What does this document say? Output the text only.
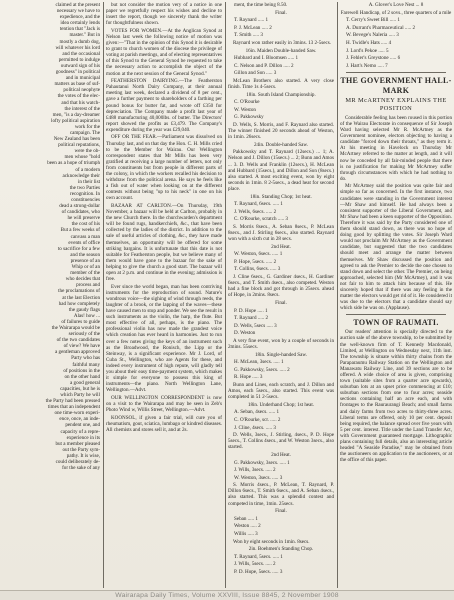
claimed at the present
necessary we have to
expedience, and the
idea certainly lends
tention that "Jack is
master." But in
mostly a dumb dog,
will whatever his lord
and the occasional
permitted to indulge
outward sign of his
goodness" in political
and in municipal
matters as base of suf-
political neophyte
the votes of the elec-
and that his watch-
the interest of the
men, "is a day-dreamer
lofty political aspiration
work for the
campaign. The
New Zealand has been
political reputations,
were the ob-
men whose "hold
been as a hope of triumph
of a modern
acknowledge their
in their list
the two Parties
recognition. In
constituencies
dead a strong-dollar
of candidates, who
he will preserve
the cost of his
But a few weeks of
canvass a man
events of office
to sacrifice for a few
and the season
presence of an
Whip or of an
member of the
who decides that
process and
the proclamations of
at the last Election
had how completely
the gaudy flags
Alas! how ...
of failures to guide
the Wairarapa would be
seriously of the
of the two candidates
of view? We have
a gentleman approved
Party who has
faithful many
of positions in the
on the other hand
a good general
capacities, but he is
which Party he will
the Party had been pressed
times that an independent
one time-worn experi-
ence, once, an inde-
pendent one, and
capacity of a repre-
experience in its
but a member pleased
out the Party sym-
pathy. It is wise,
could deliberately de-
for the sake of any

but not consider the motion very of a notice in one paper we regretfully respect his wishes and decline to insert the report, though we sincerely thank the writer for thoughtfulness shown.

VOTES FOR WOMEN.—At the Anglican Synod at Nelson last week the following notice of motion was given:—"That in the opinion of this Synod it is desirable to grant to church women of the diocese the privilege of voting at parish meetings, and of electing representatives of this Synod to the General Synod be requested to take the necessary action to accomplish the object of the motion at the next session of the General Synod."

FEATHERSTON DAIRYING.—The Featherston Pahautanui North Dairy Company, at their annual meeting last week, declared a dividend of 8 per cent., gave a further payment to shareholders of a farthing per pound bonus for butter fat, and wrote off £350 for depreciation. The Company made a profit last year of £488 manufacturing 40,000lbs. of butter. The Directors' report showed the profits as £3,479. The Company's expenditure during the year was £29,040.

OFF OR THE FEAR.—Parliament was dissolved on Thursday last, and on that day the Hon. C. H. Mills cried to be the Member for Wairau. Our Wellington correspondent states that Mr Mills has been very gratified at receiving a large number of letters, not only from constituents but from people in different parts of the colony, in which the workers recalled his decision to withdraw from the political arena. He says he feels like a fish out of water when looking on at the different contests without being "up to his neck" in one on his own account.

BAZAAR AT CARLTON.—On Thursday, 19th November, a bazaar will be held at Carlton, probably in the new Church there. In the churchwarden's department will be found rugs, handkerchiefs, &c., that have been collected by the ladies of the district. In addition to the sale of useful articles of clothing, &c., they have made themselves, an opportunity will be offered for some striking bargains. It is unfortunate that this date is not suitable for Featherston people, but we believe many of them would have gone to the bazaar for the sake of helping to give the church a good start. The bazaar will open at 2 p.m. and continue in the evening; admission is free.

Ever since the world began, man has been contriving instruments for the reproduction of sound. Nature's wondrous voice—the sighing of wind through reeds, the laughter of a brook, or the lapping of the waves—these have caused men to stop and ponder. We see the result in such instruments as the violin, the harp, the flute. But most effective of all, perhaps, is the piano. The professional violin has now made the grandest voice which creation has ever heard in harmonies. Just to run over a few notes giving the keys of an instrument such as the Broadwood, the Ronisch, the Lipp or the Steinway, is a significant experience. Mr J. Lord, of Cuba St., Wellington, who are Agents for these, and indeed every instrument of high repute, will gladly tell you about their easy time-payment system, which makes it simple for everyone to possess this king of instruments—the piano. North Wellington Lane, Wellington.—Advt.

OUR WELLINGTON CORRESPONDENT is now on a visit to the Wairarapa and may be seen in Zeb's Photo Wind w, Willis Street, Wellington.—Advt.

KOONSOL, if given a fair trial, will cure you of rheumatism, gout, sciatica, lumbago or kindred diseases. All chemists and stores sell it, and at 2s.

ment, the time being 8.50.

Final.

T. Raynard ..... 1

P. J. McLean ..... 2

T. Smith ..... 3

Raynard won rather easily in 3mins. 13 2-5secs.

16in. Maiden Double-handed Saw.

Hubbard and I. Bloomsen ..... 1

C. Nelson and P. Dillon ..... 2

Gillon and Son ..... 3

McLean Brothers also started. A very close finish. Time 1s 4-5secs.

18in. South Island Championship.

C. O'Rourke

W. Weston

G. Pakkowsky

D. Wells, S. Morris, and F. Raynard also started. The winner finished 20 seconds ahead of Weston, in 1min. 26secs.

24in. Double-handed Saw.

Pakkowsky and T. Raynard (12secs.) ... 1; A. Nelson and J. Dillon (15secs.) ... 2; Bunn and Amos ... 3. D. Wells and Franklin (12secs.), H. McLean and Hubbard (15secs.), and Dillon and Son (8secs.) also started. A most exciting event, won by eight seconds in 1min. 8 2-5secs., a dead heat for second place.

18in. Standing Chop; 1st heat.

T. Raynard, 6secs. ..... 1

J. Wells, 6secs. ..... 2

C. O'Rourke, scratch ..... 3

S. Morris 8secs., A. Seban 8secs., P. McLean 8secs., and J. Stirling 6secs., also started. Raynard won with a sixth cut in 28 secs.

2nd Heat.

W. Weston, 6secs. ..... 1

P. Hope, 5secs. ..... 2

T. Collins, 6secs. ..... 3

J. Cline 6secs., G. Gardiner 4secs., H. Gardiner 6secs., and T. Smith 4secs., also competed. Weston had a fine block and got through in 25secs. ahead of Hope, in 2mins. 8secs.

Final.

P. D. Hope ..... 1

T. Raynard ..... 2

D. Wells, 5secs ..... 3

D. Weston

A very fine event, won by a couple of seconds in 2mins. 55secs.

18in. Single-handed Saw.

H. McLean, 3secs. ..... 1

G. Pakkowsky, 5secs. ..... 2

R. Hope ..... 3

Bunn and Lines, each scratch, and J. Dillon and Amos, each 5secs., also started. This event was completed in 51 2-5secs.

18in. Underhand Chop; 1st heat.

A. Seban, 4secs. ..... 1

C. O'Rourke, scr. ..... 2

J. Cline, 4secs. ..... 3

D. Wells, 3secs., J. Stirling, 4secs., P. D. Hope 5secs., T. Collins 4secs., and W. Weston 3secs., also started.

2nd Heat.

G. Pakkowsky, 3secs. ..... 1

J. Wills, 3secs. ..... 2

W. Weston, 3secs. ..... 3

S. Morris 4secs., P. McLean, T. Raynard, P. Dillon 6secs., T. Smith 6secs., and A. Seban 4secs., also started. This was a splendid contest and competed in time, 1min. 25secs.

Final.

Seban ..... 1

Weston ..... 2

Willis ..... 3

Won by eight seconds in 1min. 8secs.

2in. Boehmen's Standing Chop.

T. Raynard, 5secs. ..... 1

J. Wills, 5secs. ..... 2

P. D. Hope, 5secs. ..... 3

A. Glover's Love Nest ... 8

Farewell Handicap, of 2 sovs., three quarters of a mile

T. Cerry's Sweet Bill ..... 1

A. Durrant's Pharmaceutical ..... 2

W. Bevege's Naleria ..... 3

H. Twidle's Hats ..... 4

J. Lord's Pekoe ..... 5

J. Fehler's Greystone ..... 6

J. Hart's Nemo ..... 7

THE GOVERNMENT HALL-MARK
MR McARTNEY EXPLAINS THE POSITION

Considerable feeling has been roused in this portion of the Wairau Electorate in consequence of Sir Joseph Ward having selected Mr R. McArtney as the Government nominee, electors objecting to having a candidate "forced down their throats," as they term it. At his meeting in Havelock on Thursday Mr McArtney referred to the matter at length, and it will now be conceded by all fair-minded people that there is no justification for making Mr McArtney suffer through circumstances with which he had nothing to do.

Mr McArtney said the position was quite fair and simple so far as concerned. In the first instance, two candidates were standing in the Government interest—Mr Shaw and himself. He had always been a consistent supporter of the Liberal Government, and Mr Shaw had been a keen supporter of the Opposition. Therefore it was said by the Party considered one of them should stand down, as there was no hope of doing good by splitting the votes. Sir Joseph Ward would not proclaim Mr McArtney as the Government candidate, but suggested that the two candidates should meet and arrange the matter between themselves. Mr Shaw discussed the position and agreed to ask the Premier to decide the one chosen to stand down and select the other. The Premier, on being approached, selected him (Mr McArtney), and it was not fair to him to attack him because of this. He sincerely hoped that if there was any feeling in the matter the electors would get rid of it. He considered it was due to the electors that a candidate should say which side he was on. (Applause).

TOWN OF RAUMATI.

Our readers' attention is specially directed to the auction sale of the above township, to be submitted by the well-known firm of T. Kennedy Macdonald, Limited, at Wellington on Wednesday next, 11th inst. The township is situate within thirty chains from the Paraparaumu Railway Station on the Wellington and Manawatu Railway Line, and 39 sections are to be offered. A wide choice of area is given, comprising town (suitable sites from a quarter acre upwards), suburban lots at an upset price commencing at £10; suburban sections from one to four acres; seaside sections containing half an acre each, and with frontages to the Rauraurangi Beach; and small farms and dairy farms from two acres to thirty-three acres. Liberal terms are offered, only 10 per cent. deposit being required, the balance spread over five years with 5 per cent. interest. Title under the Land Transfer Act, with Government guaranteed mortgage. Lithographic plans containing full details, also an interesting article headed "A Seaside Paradise," may be obtained from the auctioneers on application to the auctioneers, or at the office of this paper.

Wairarapa Daily Times, Volume XXVIII, Issue 8845, 2 November 1908
